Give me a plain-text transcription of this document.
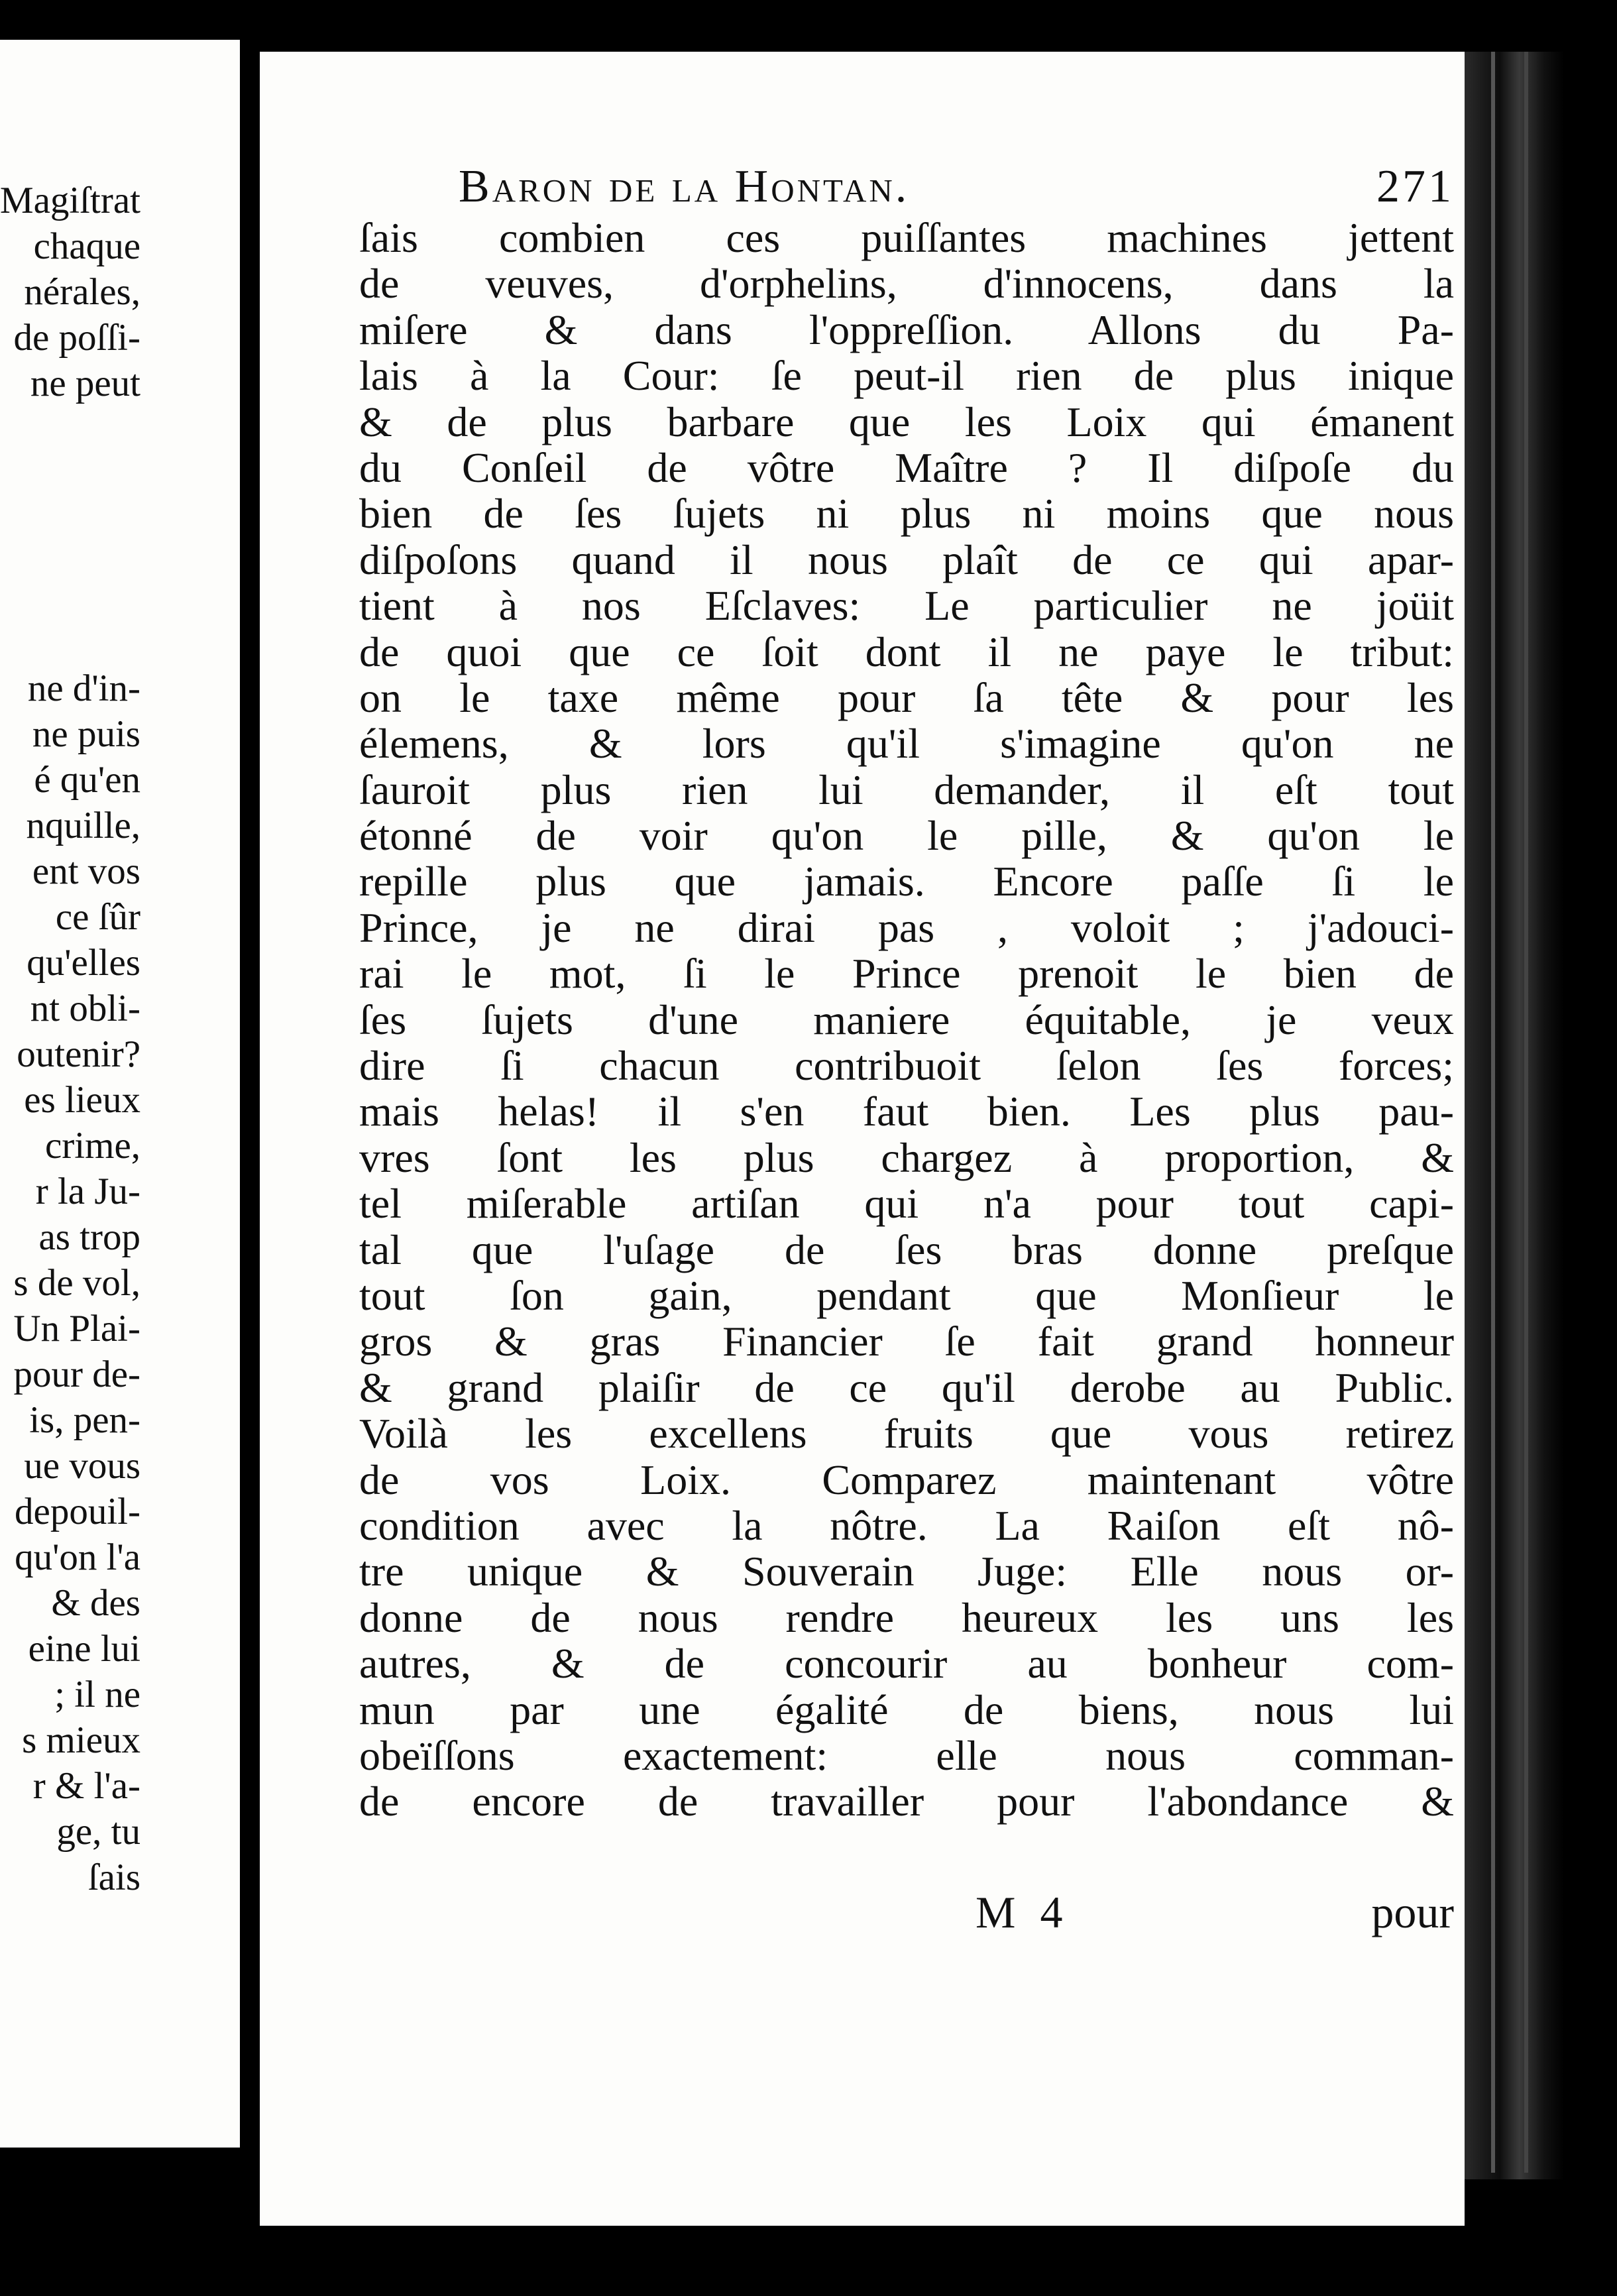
Magiſtrat
chaque
nérales,
de poſſi-
ne peut
ne d'in-
ne puis
é qu'en
nquille,
ent vos
ce ſûr
qu'elles
nt obli-
outenir?
es lieux
crime,
r la Ju-
as trop
s de vol,
Un Plai-
pour de-
is, pen-
ue vous
depouil-
qu'on l'a
& des
eine lui
; il ne
s mieux
r & l'a-
ge, tu
ſais
Baron de la Hontan.	271
ſais combien ces puiſſantes machines jettent
de veuves, d'orphelins, d'innocens, dans la
miſere & dans l'oppreſſion. Allons du Pa-
lais à la Cour: ſe peut-il rien de plus inique
& de plus barbare que les Loix qui émanent
du Conſeil de vôtre Maître ? Il diſpoſe du
bien de ſes ſujets ni plus ni moins que nous
diſpoſons quand il nous plaît de ce qui apar-
tient à nos Eſclaves: Le particulier ne joüit
de quoi que ce ſoit dont il ne paye le tribut:
on le taxe même pour ſa tête & pour les
élemens, & lors qu'il s'imagine qu'on ne
ſauroit plus rien lui demander, il eſt tout
étonné de voir qu'on le pille, & qu'on le
repille plus que jamais. Encore paſſe ſi le
Prince, je ne dirai pas , voloit ; j'adouci-
rai le mot, ſi le Prince prenoit le bien de
ſes ſujets d'une maniere équitable, je veux
dire ſi chacun contribuoit ſelon ſes forces;
mais helas! il s'en faut bien. Les plus pau-
vres ſont les plus chargez à proportion, &
tel miſerable artiſan qui n'a pour tout capi-
tal que l'uſage de ſes bras donne preſque
tout ſon gain, pendant que Monſieur le
gros & gras Financier ſe fait grand honneur
& grand plaiſir de ce qu'il derobe au Public.
Voilà les excellens fruits que vous retirez
de vos Loix. Comparez maintenant vôtre
condition avec la nôtre. La Raiſon eſt nô-
tre unique & Souverain Juge: Elle nous or-
donne de nous rendre heureux les uns les
autres, & de concourir au bonheur com-
mun par une égalité de biens, nous lui
obeïſſons exactement: elle nous comman-
de encore de travailler pour l'abondance &
M 4	pour
